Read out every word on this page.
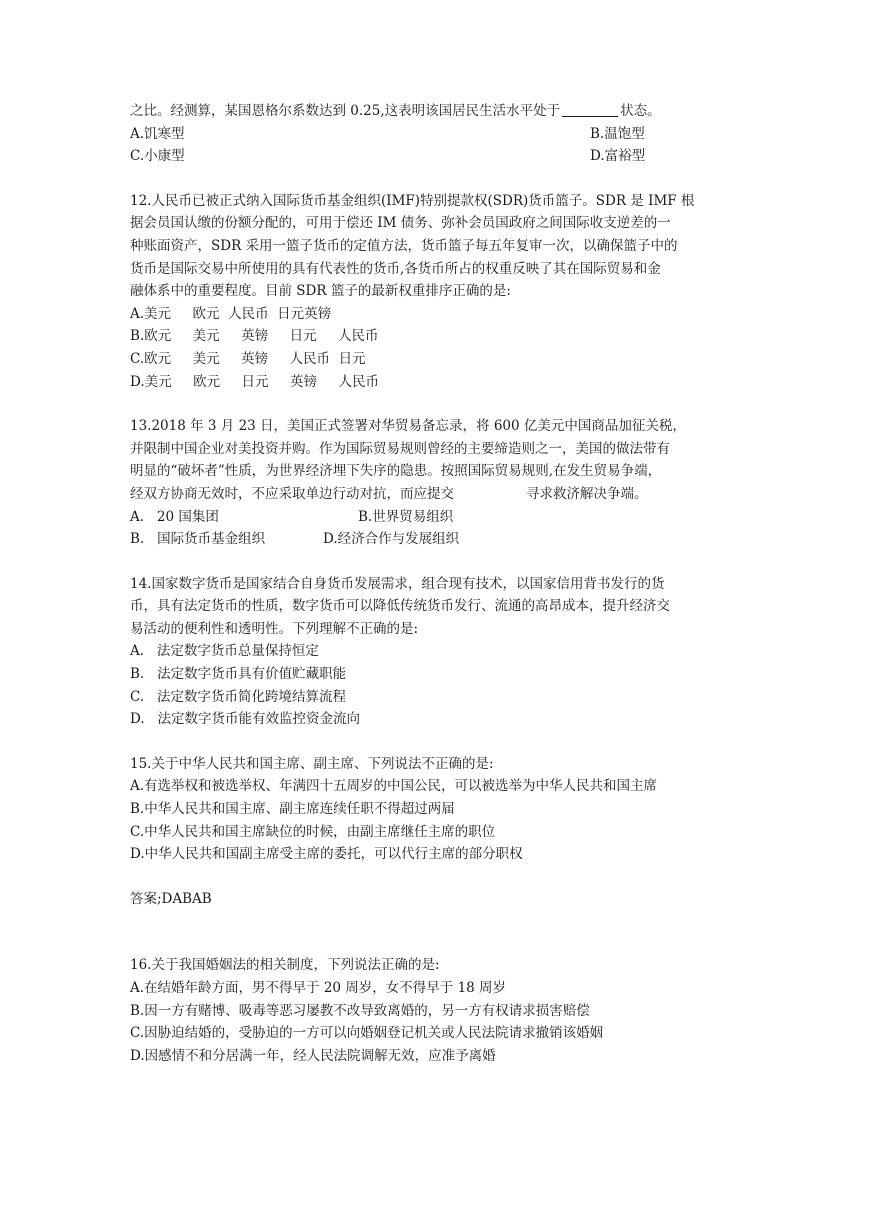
之比。经测算，某国恩格尔系数达到 0.25,这表明该国居民生活水平处于	状态。
A.饥寒型	B.温饱型
C.小康型	D.富裕型
12.人民币已被正式纳入国际货币基金组织(IMF)特别提款权(SDR)货币篮子。SDR 是 IMF 根
据会员国认缴的份额分配的，可用于偿还 IM 债务、弥补会员国政府之间国际收支逆差的一
种账面资产，SDR 采用一篮子货币的定值方法，货币篮子每五年复审一次，以确保篮子中的
货币是国际交易中所使用的具有代表性的货币,各货币所占的权重反映了其在国际贸易和金
融体系中的重要程度。目前 SDR 篮子的最新权重排序正确的是:
A.美元     欧元  人民币  日元英镑
B.欧元     美元     英镑     日元     人民币
C.欧元     美元     英镑     人民币  日元
D.美元     欧元     日元     英镑     人民币
13.2018 年 3 月 23 日，美国正式签署对华贸易备忘录，将 600 亿美元中国商品加征关税，
并限制中国企业对美投资并购。作为国际贸易规则曾经的主要缔造则之一，美国的做法带有
明显的“破坏者”性质，为世界经济埋下失序的隐患。按照国际贸易规则,在发生贸易争端，
经双方协商无效时，不应采取单边行动对抗，而应提交	寻求救济解决争端。
A.   20 国集团	B.世界贸易组织
B.   国际货币基金组织	D.经济合作与发展组织
14.国家数字货币是国家结合自身货币发展需求，组合现有技术，以国家信用背书发行的货
币，具有法定货币的性质，数字货币可以降低传统货币发行、流通的高昂成本，提升经济交
易活动的便利性和透明性。下列理解不正确的是:
A.   法定数字货币总量保持恒定
B.   法定数字货币具有价值贮藏职能
C.   法定数字货币简化跨境结算流程
D.   法定数字货币能有效监控资金流向
15.关于中华人民共和国主席、副主席、下列说法不正确的是:
A.有选举权和被选举权、年满四十五周岁的中国公民，可以被选举为中华人民共和国主席
B.中华人民共和国主席、副主席连续任职不得超过两届
C.中华人民共和国主席缺位的时候，由副主席继任主席的职位
D.中华人民共和国副主席受主席的委托，可以代行主席的部分职权
答案;DABAB
16.关于我国婚姻法的相关制度，下列说法正确的是:
A.在结婚年龄方面，男不得早于 20 周岁，女不得早于 18 周岁
B.因一方有赌博、吸毒等恶习屡教不改导致离婚的，另一方有权请求损害赔偿
C.因胁迫结婚的，受胁迫的一方可以向婚姻登记机关或人民法院请求撤销该婚姻
D.因感情不和分居满一年，经人民法院调解无效，应准予离婚
